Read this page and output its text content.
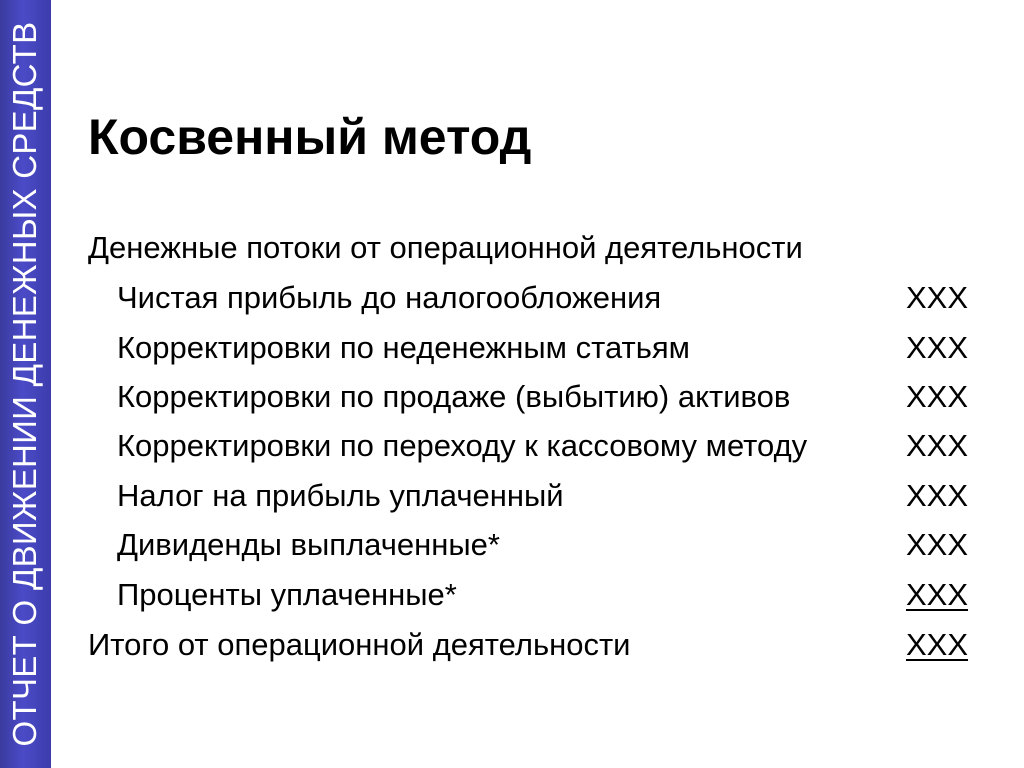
ОТЧЕТ О ДВИЖЕНИИ ДЕНЕЖНЫХ СРЕДСТВ Косвенный метод
Денежные потоки от операционной деятельности
Чистая прибыль до налогообложения	XXX
Корректировки по неденежным статьям	XXX
Корректировки по продаже (выбытию) активов	XXX
Корректировки по переходу к кассовому методу	XXX
Налог на прибыль уплаченный	XXX
Дивиденды выплаченные*	XXX
Проценты уплаченные*	XXX
Итого от операционной деятельности	XXX
